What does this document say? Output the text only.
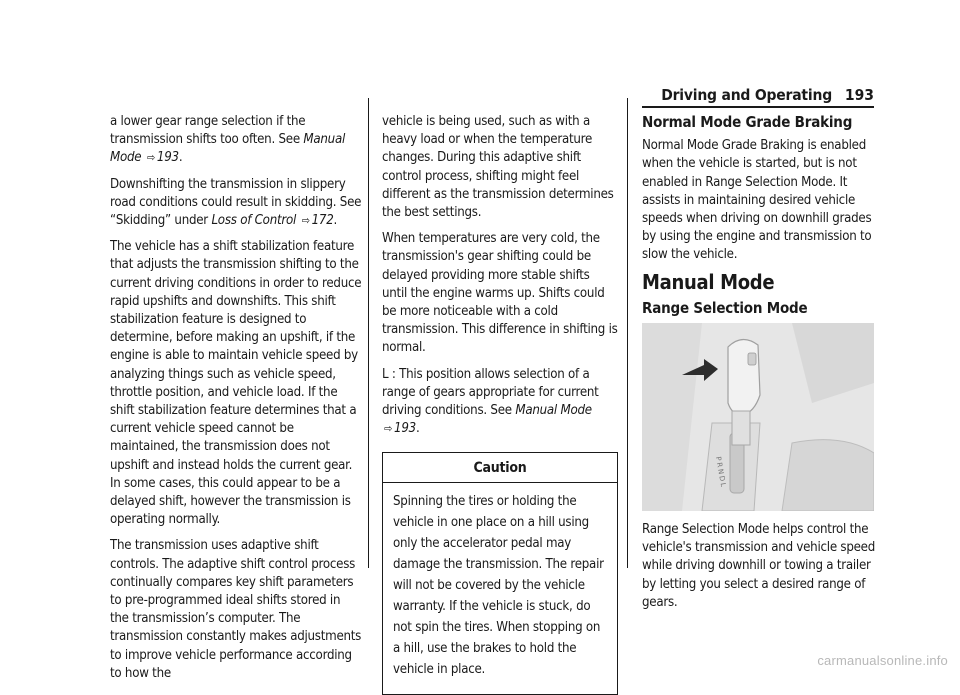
Driving and Operating 193

a lower gear range selection if the transmission shifts too often. See Manual Mode ⇨ 193.

Downshifting the transmission in slippery road conditions could result in skidding. See “Skidding” under Loss of Control ⇨ 172.

The vehicle has a shift stabilization feature that adjusts the transmission shifting to the current driving conditions in order to reduce rapid upshifts and downshifts. This shift stabilization feature is designed to determine, before making an upshift, if the engine is able to maintain vehicle speed by analyzing things such as vehicle speed, throttle position, and vehicle load. If the shift stabilization feature determines that a current vehicle speed cannot be maintained, the transmission does not upshift and instead holds the current gear. In some cases, this could appear to be a delayed shift, however the transmission is operating normally.

The transmission uses adaptive shift controls. The adaptive shift control process continually compares key shift parameters to pre-programmed ideal shifts stored in the transmission’s computer. The transmission constantly makes adjustments to improve vehicle performance according to how the

vehicle is being used, such as with a heavy load or when the temperature changes. During this adaptive shift control process, shifting might feel different as the transmission determines the best settings.

When temperatures are very cold, the transmission's gear shifting could be delayed providing more stable shifts until the engine warms up. Shifts could be more noticeable with a cold transmission. This difference in shifting is normal.

L : This position allows selection of a range of gears appropriate for current driving conditions. See Manual Mode ⇨ 193.

Caution

Spinning the tires or holding the vehicle in one place on a hill using only the accelerator pedal may damage the transmission. The repair will not be covered by the vehicle warranty. If the vehicle is stuck, do not spin the tires. When stopping on a hill, use the brakes to hold the vehicle in place.

Normal Mode Grade Braking

Normal Mode Grade Braking is enabled when the vehicle is started, but is not enabled in Range Selection Mode. It assists in maintaining desired vehicle speeds when driving on downhill grades by using the engine and transmission to slow the vehicle.

Manual Mode
Range Selection Mode
P R N D L

Range Selection Mode helps control the vehicle's transmission and vehicle speed while driving downhill or towing a trailer by letting you select a desired range of gears.

carmanualsonline.info
